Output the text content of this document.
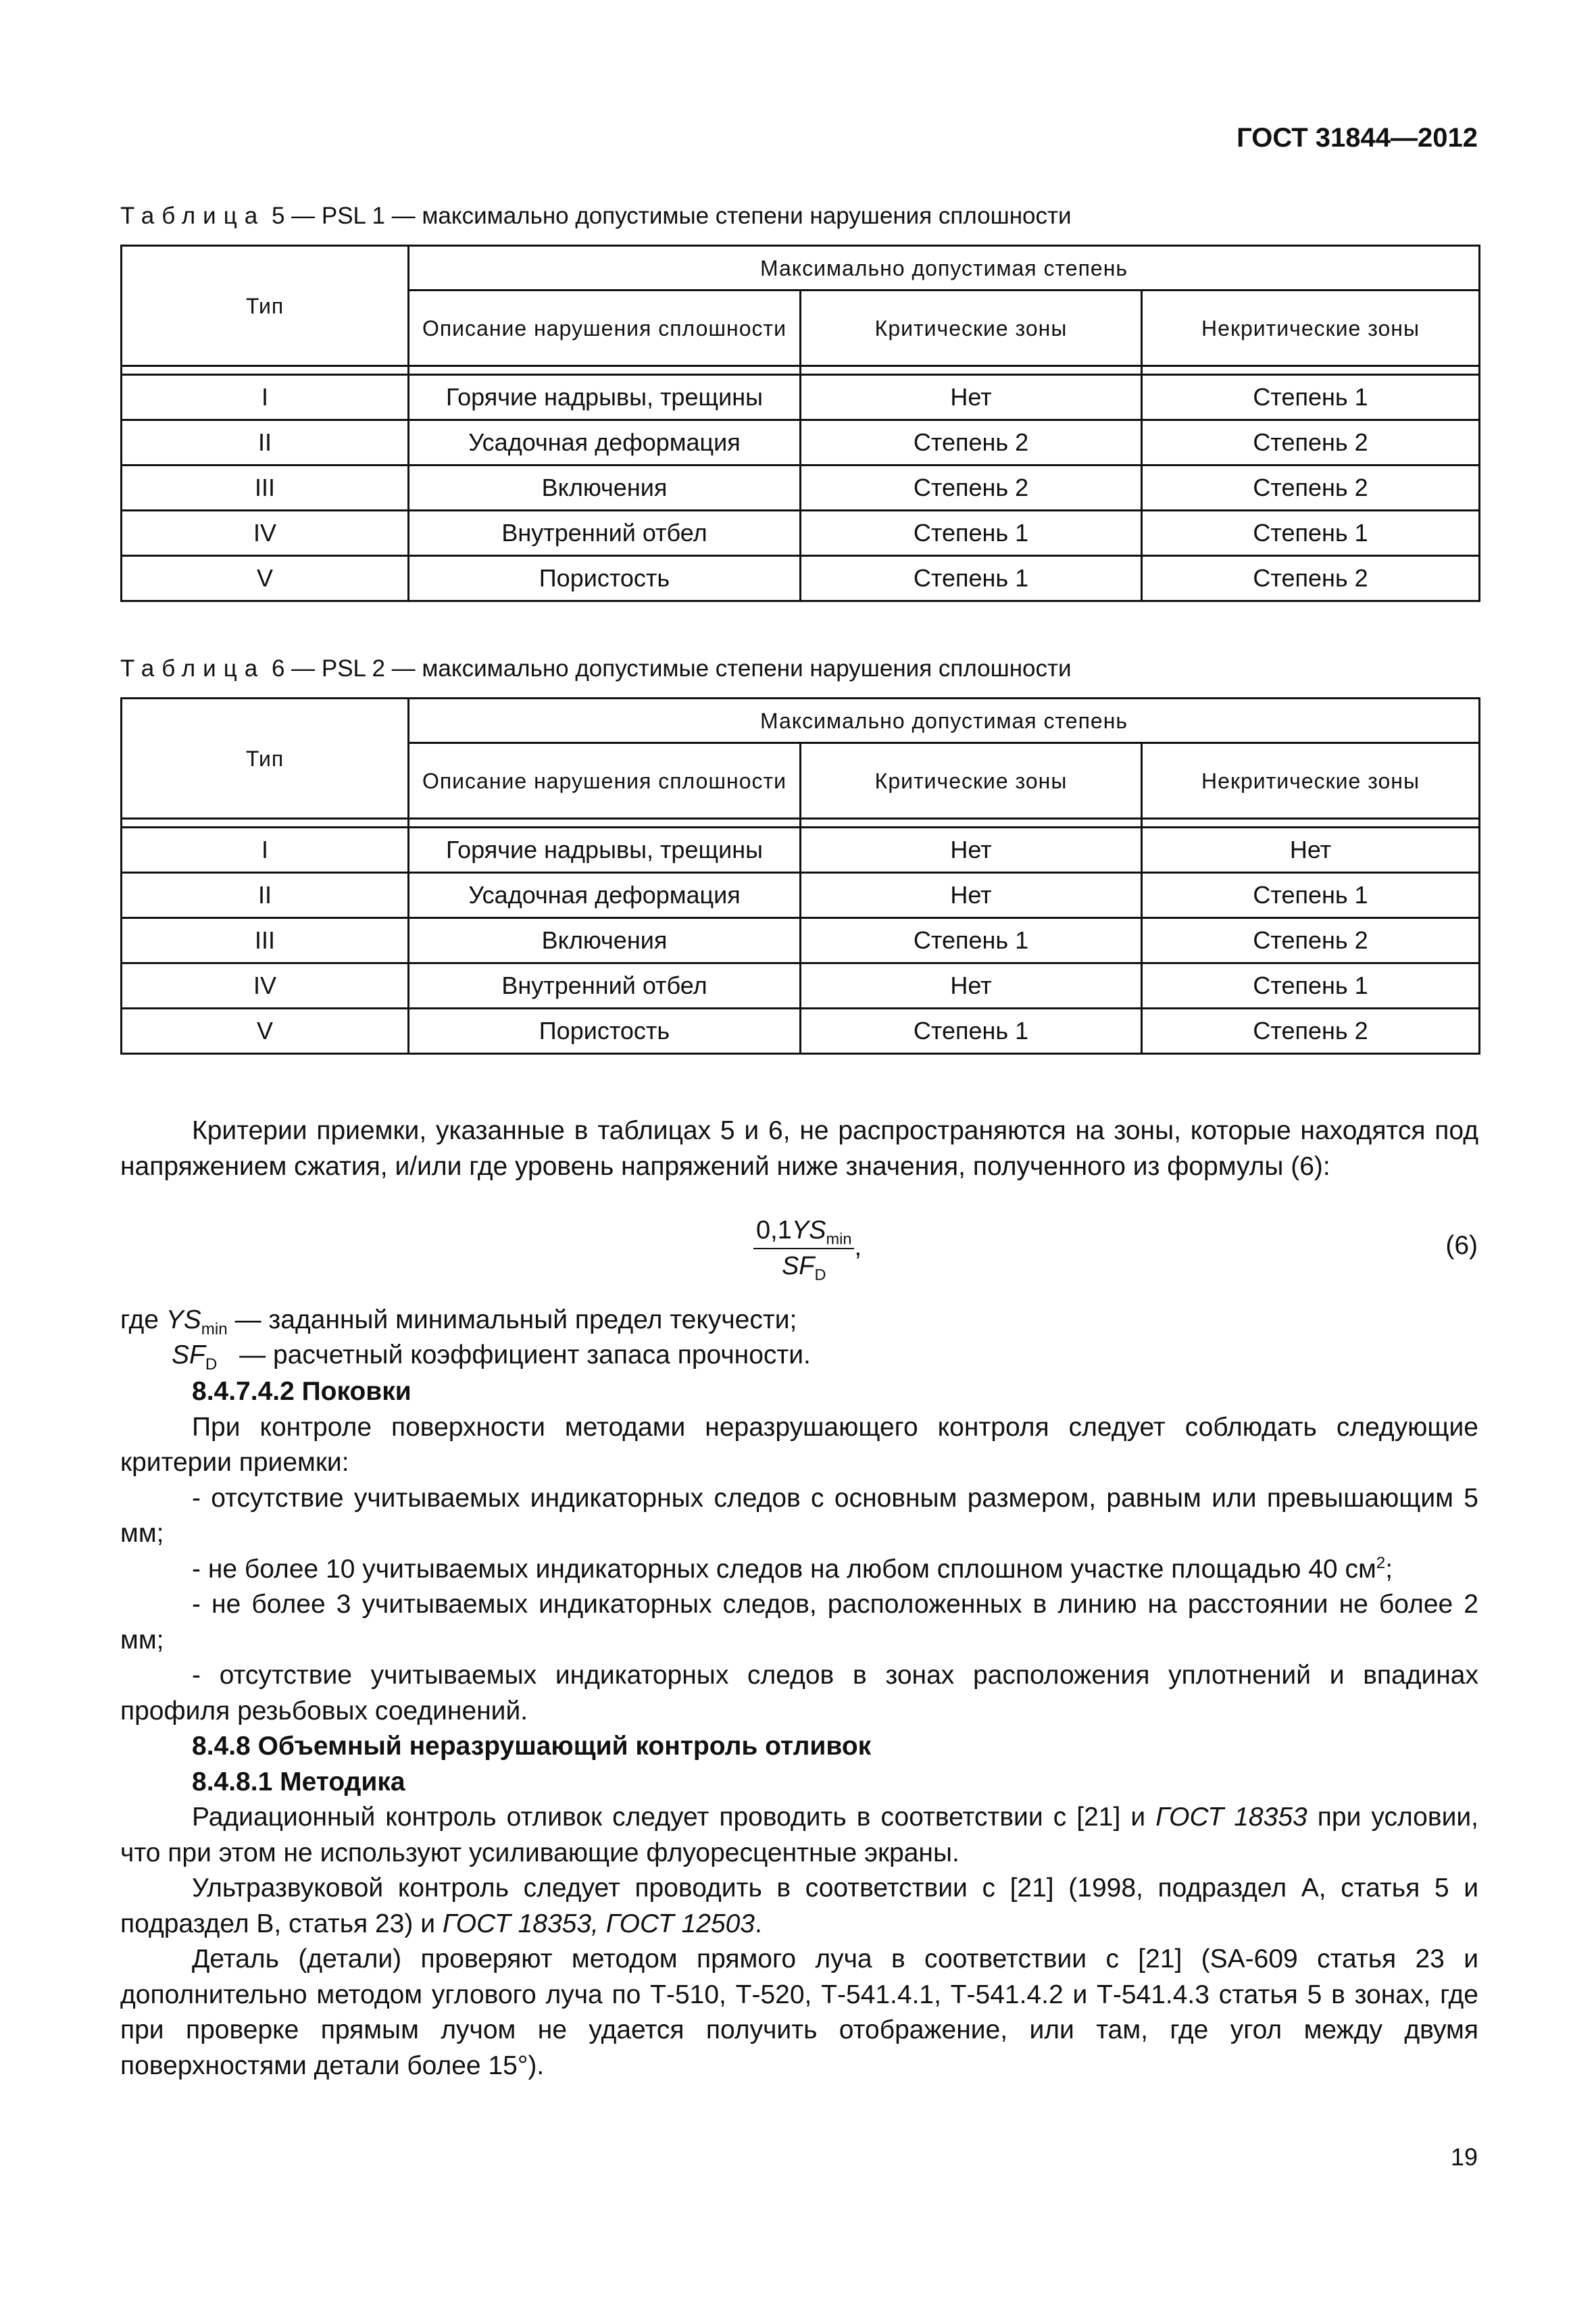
ГОСТ 31844—2012
Таблица 5 — PSL 1 — максимально допустимые степени нарушения сплошности
Тип	Максимально допустимая степень		
	Описание нарушения сплошности	Критические зоны	Некритические зоны

I	Горячие надрывы, трещины	Нет	Степень 1
II	Усадочная деформация	Степень 2	Степень 2
III	Включения	Степень 2	Степень 2
IV	Внутренний отбел	Степень 1	Степень 1
V	Пористость	Степень 1	Степень 2
Таблица 6 — PSL 2 — максимально допустимые степени нарушения сплошности
Тип	Максимально допустимая степень		
	Описание нарушения сплошности	Критические зоны	Некритические зоны

I	Горячие надрывы, трещины	Нет	Нет
II	Усадочная деформация	Нет	Степень 1
III	Включения	Степень 1	Степень 2
IV	Внутренний отбел	Нет	Степень 1
V	Пористость	Степень 1	Степень 2

Критерии приемки, указанные в таблицах 5 и 6, не распространяются на зоны, которые находятся под напряжением сжатия, и/или где уровень напряжений ниже значения, полученного из формулы (6):

$\frac{0,1YS_{min}}{SF_D}$ ,	(6)
где $YS_{min}$ — заданный минимальный предел текучести;
$SF_D$ — расчетный коэффициент запаса прочности.

8.4.7.4.2 Поковки

При контроле поверхности методами неразрушающего контроля следует соблюдать следующие критерии приемки:

- отсутствие учитываемых индикаторных следов с основным размером, равным или превышающим 5 мм;

- не более 10 учитываемых индикаторных следов на любом сплошном участке площадью 40 $см^2$;

- не более 3 учитываемых индикаторных следов, расположенных в линию на расстоянии не более 2 мм;

- отсутствие учитываемых индикаторных следов в зонах расположения уплотнений и впадинах профиля резьбовых соединений.

8.4.8 Объемный неразрушающий контроль отливок

8.4.8.1 Методика

Радиационный контроль отливок следует проводить в соответствии с [21] и ГОСТ 18353 при условии, что при этом не используют усиливающие флуоресцентные экраны.

Ультразвуковой контроль следует проводить в соответствии с [21] (1998, подраздел А, статья 5 и подраздел В, статья 23) и ГОСТ 18353, ГОСТ 12503.

Деталь (детали) проверяют методом прямого луча в соответствии с [21] (SA-609 статья 23 и дополнительно методом углового луча по Т-510, Т-520, Т-541.4.1, Т-541.4.2 и Т-541.4.3 статья 5 в зонах, где при проверке прямым лучом не удается получить отображение, или там, где угол между двумя поверхностями детали более 15°).

19
